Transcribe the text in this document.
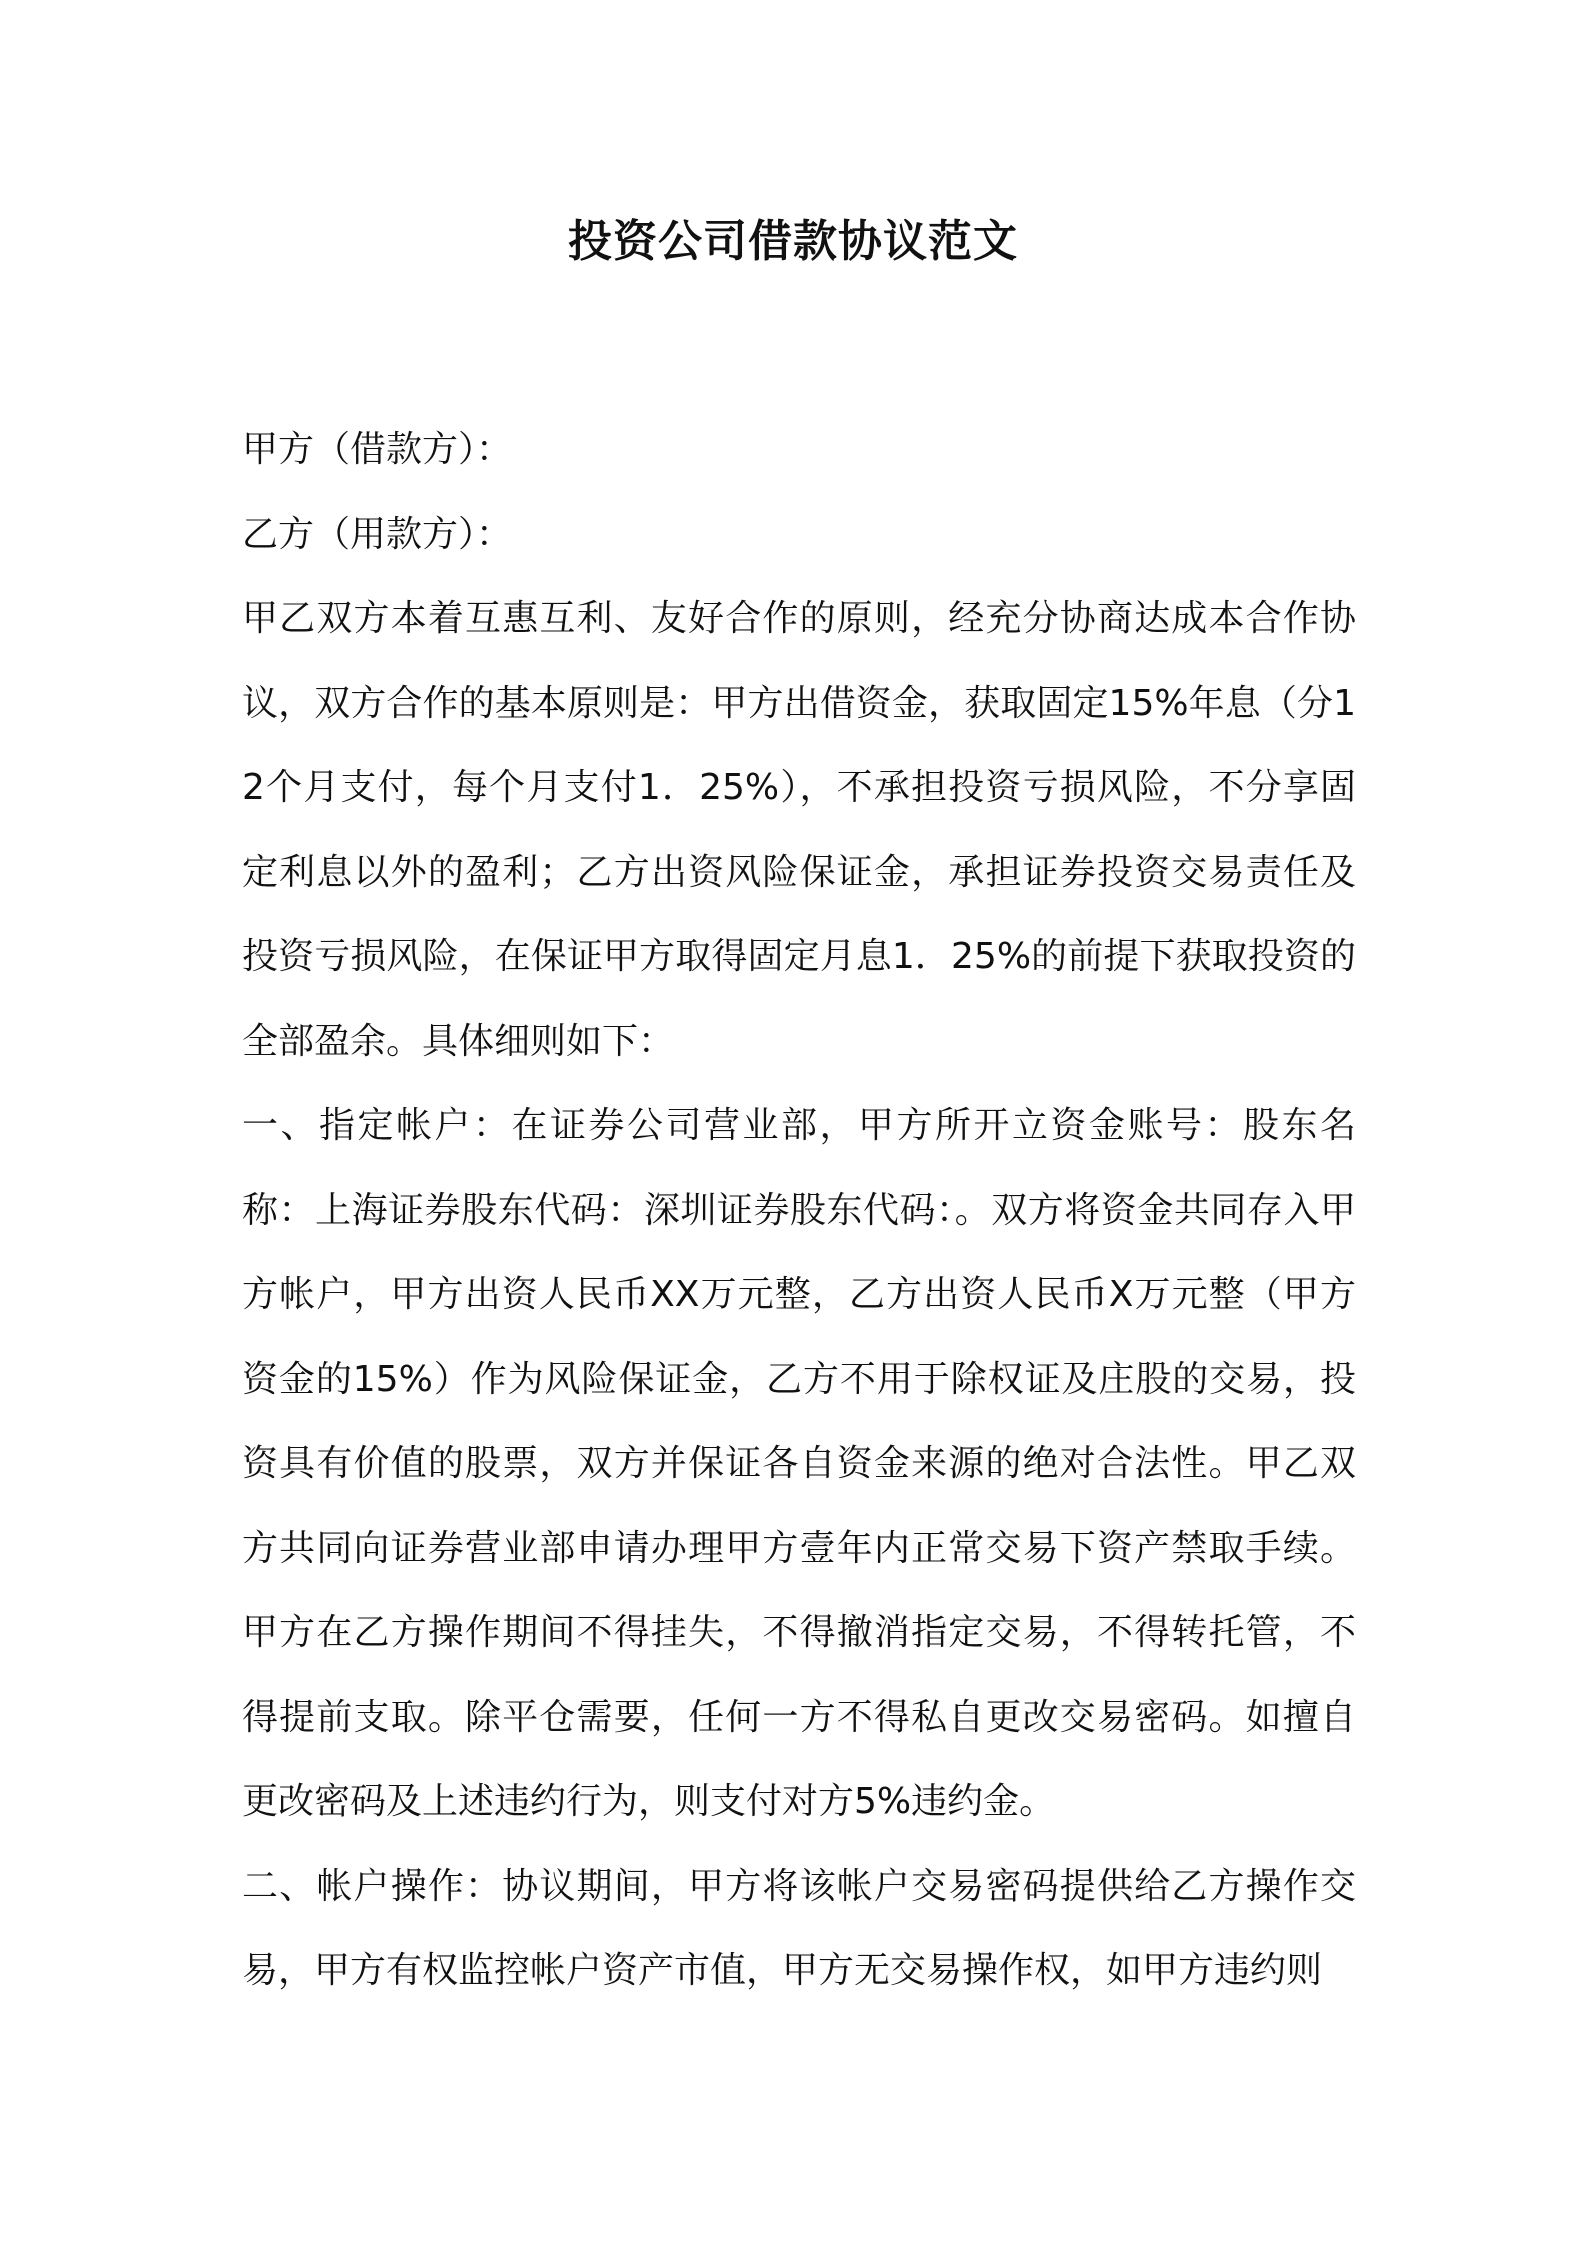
投资公司借款协议范文

甲方（借款方）：

乙方（用款方）：

甲乙双方本着互惠互利、友好合作的原则，经充分协商达成本合作协议，双方合作的基本原则是：甲方出借资金，获取固定15%年息（分12个月支付，每个月支付1．25%），不承担投资亏损风险，不分享固定利息以外的盈利；乙方出资风险保证金，承担证券投资交易责任及投资亏损风险，在保证甲方取得固定月息1．25%的前提下获取投资的全部盈余。具体细则如下：

一、指定帐户：在证券公司营业部，甲方所开立资金账号：股东名称：上海证券股东代码：深圳证券股东代码：。双方将资金共同存入甲方帐户，甲方出资人民币XX万元整，乙方出资人民币X万元整（甲方资金的15%）作为风险保证金，乙方不用于除权证及庄股的交易，投资具有价值的股票，双方并保证各自资金来源的绝对合法性。甲乙双方共同向证券营业部申请办理甲方壹年内正常交易下资产禁取手续。甲方在乙方操作期间不得挂失，不得撤消指定交易，不得转托管，不得提前支取。除平仓需要，任何一方不得私自更改交易密码。如擅自更改密码及上述违约行为，则支付对方5%违约金。

二、帐户操作：协议期间，甲方将该帐户交易密码提供给乙方操作交易，甲方有权监控帐户资产市值，甲方无交易操作权，如甲方违约则
